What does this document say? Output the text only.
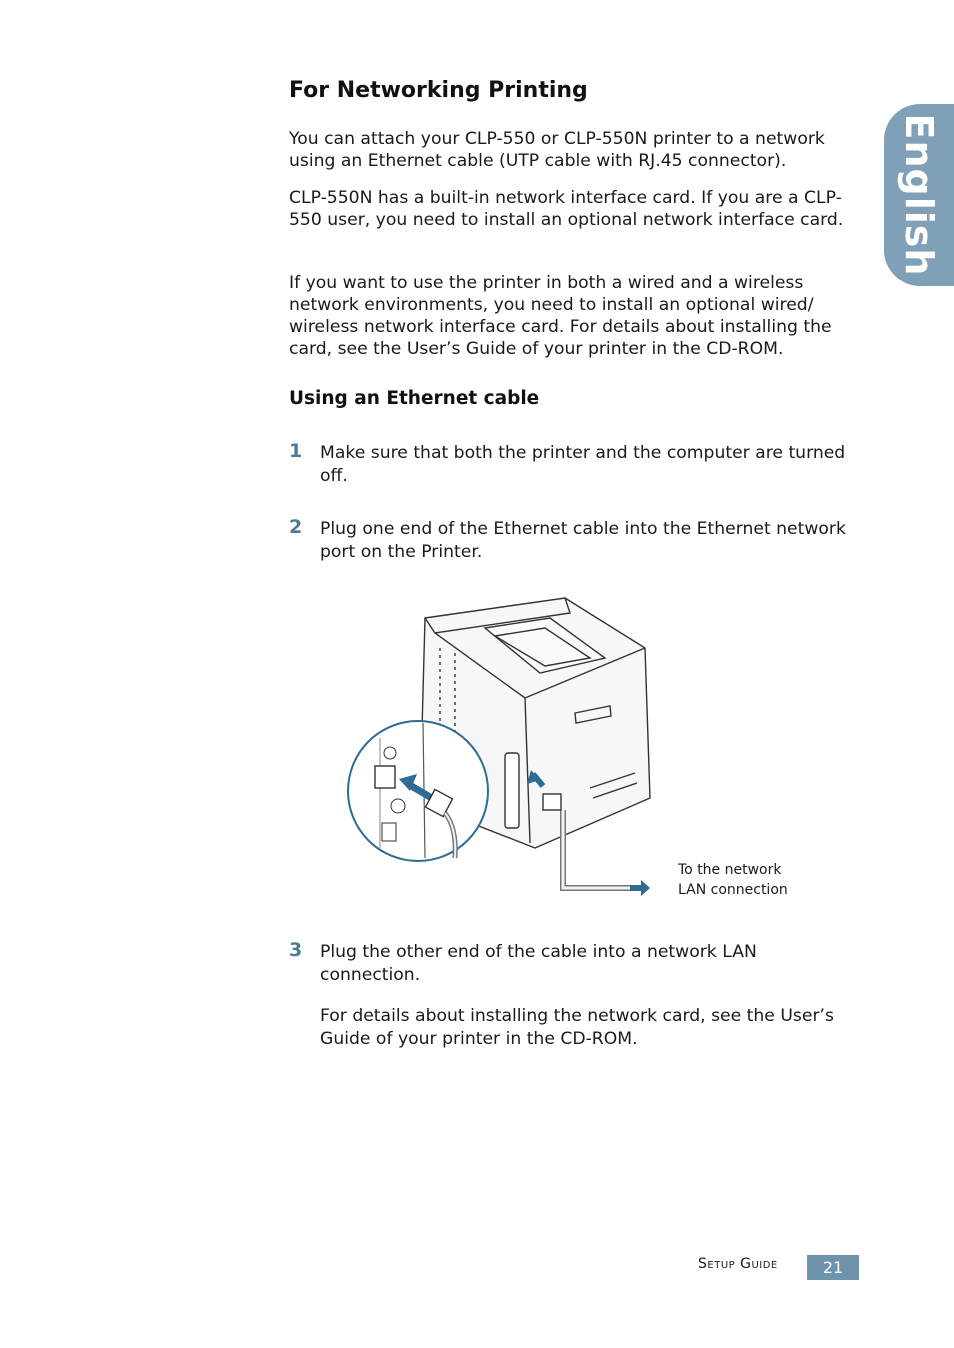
English
For Networking Printing

You can attach your CLP-550 or CLP-550N printer to a network using an Ethernet cable (UTP cable with RJ.45 connector).

CLP-550N has a built-in network interface card. If you are a CLP-550 user, you need to install an optional network interface card.

If you want to use the printer in both a wired and a wireless network environments, you need to install an optional wired/ wireless network interface card. For details about installing the card, see the User’s Guide of your printer in the CD-ROM.

Using an Ethernet cable
1 Make sure that both the printer and the computer are turned off.

2 Plug one end of the Ethernet cable into the Ethernet network port on the Printer.

To the network
LAN connection
3 Plug the other end of the cable into a network LAN connection.

For details about installing the network card, see the User’s Guide of your printer in the CD-ROM.

Setup Guide	21
